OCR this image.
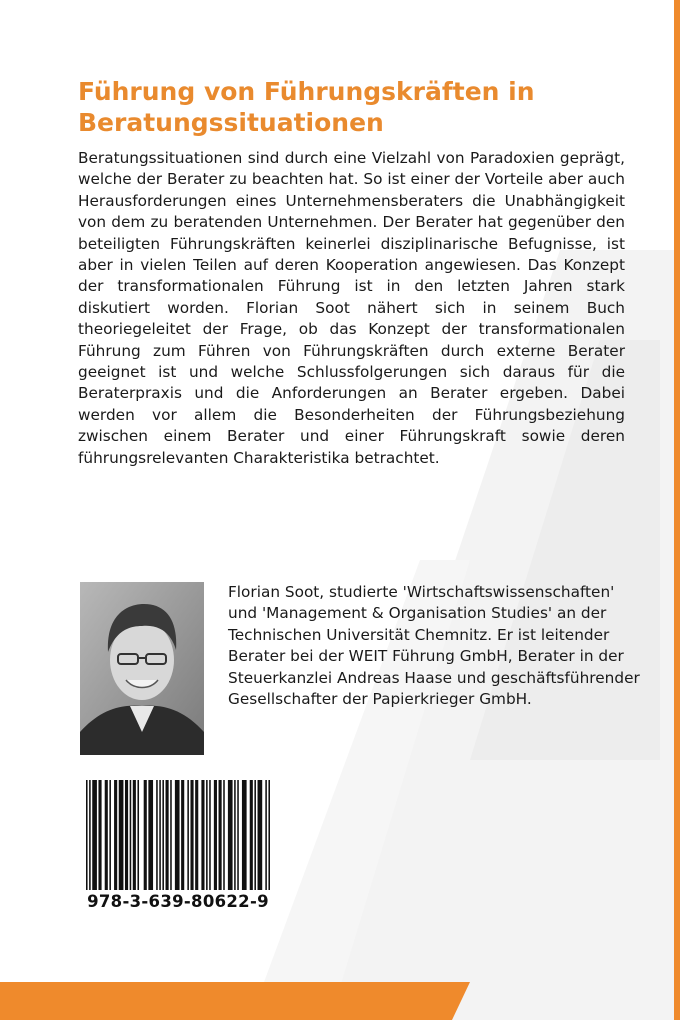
Führung von Führungskräften in Beratungssituationen

Beratungssituationen sind durch eine Vielzahl von Paradoxien geprägt, welche der Berater zu beachten hat. So ist einer der Vorteile aber auch Herausforderungen eines Unternehmensberaters die Unabhängigkeit von dem zu beratenden Unternehmen. Der Berater hat gegenüber den beteiligten Führungskräften keinerlei disziplinarische Befugnisse, ist aber in vielen Teilen auf deren Kooperation angewiesen. Das Konzept der transformationalen Führung ist in den letzten Jahren stark diskutiert worden. Florian Soot nähert sich in seinem Buch theoriegeleitet der Frage, ob das Konzept der transformationalen Führung zum Führen von Führungskräften durch externe Berater geeignet ist und welche Schlussfolgerungen sich daraus für die Beraterpraxis und die Anforderungen an Berater ergeben. Dabei werden vor allem die Besonderheiten der Führungsbeziehung zwischen einem Berater und einer Führungskraft sowie deren führungsrelevanten Charakteristika betrachtet.

Florian Soot, studierte 'Wirtschaftswissenschaften' und 'Management & Organisation Studies' an der Technischen Universität Chemnitz. Er ist leitender Berater bei der WEIT Führung GmbH, Berater in der Steuerkanzlei Andreas Haase und geschäftsführender Gesellschafter der Papierkrieger GmbH.

978-3-639-80622-9
